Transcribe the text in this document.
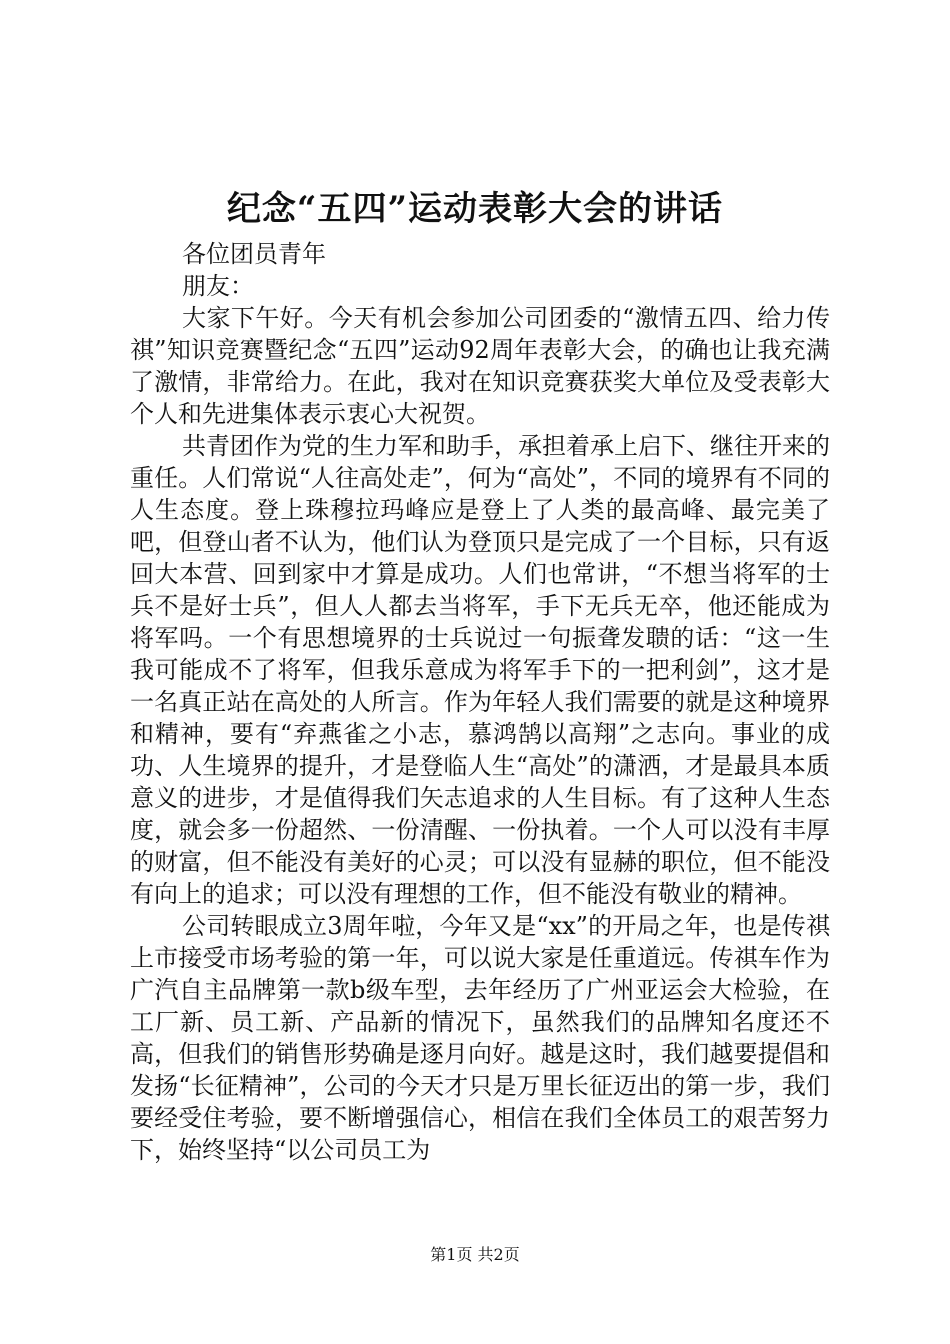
纪念“五四”运动表彰大会的讲话

各位团员青年

朋友：

大家下午好。今天有机会参加公司团委的“激情五四、给力传祺”知识竞赛暨纪念“五四”运动92周年表彰大会，的确也让我充满了激情，非常给力。在此，我对在知识竞赛获奖大单位及受表彰大个人和先进集体表示衷心大祝贺。

共青团作为党的生力军和助手，承担着承上启下、继往开来的重任。人们常说“人往高处走”，何为“高处”，不同的境界有不同的人生态度。登上珠穆拉玛峰应是登上了人类的最高峰、最完美了吧，但登山者不认为，他们认为登顶只是完成了一个目标，只有返回大本营、回到家中才算是成功。人们也常讲，“不想当将军的士兵不是好士兵”，但人人都去当将军，手下无兵无卒，他还能成为将军吗。一个有思想境界的士兵说过一句振聋发聩的话：“这一生我可能成不了将军，但我乐意成为将军手下的一把利剑”，这才是一名真正站在高处的人所言。作为年轻人我们需要的就是这种境界和精神，要有“弃燕雀之小志，慕鸿鹄以高翔”之志向。事业的成功、人生境界的提升，才是登临人生“高处”的潇洒，才是最具本质意义的进步，才是值得我们矢志追求的人生目标。有了这种人生态度，就会多一份超然、一份清醒、一份执着。一个人可以没有丰厚的财富，但不能没有美好的心灵；可以没有显赫的职位，但不能没有向上的追求；可以没有理想的工作，但不能没有敬业的精神。

公司转眼成立3周年啦，今年又是“xx”的开局之年，也是传祺上市接受市场考验的第一年，可以说大家是任重道远。传祺车作为广汽自主品牌第一款b级车型，去年经历了广州亚运会大检验，在工厂新、员工新、产品新的情况下，虽然我们的品牌知名度还不高，但我们的销售形势确是逐月向好。越是这时，我们越要提倡和发扬“长征精神”，公司的今天才只是万里长征迈出的第一步，我们要经受住考验，要不断增强信心，相信在我们全体员工的艰苦努力下，始终坚持“以公司员工为

第1页 共2页
